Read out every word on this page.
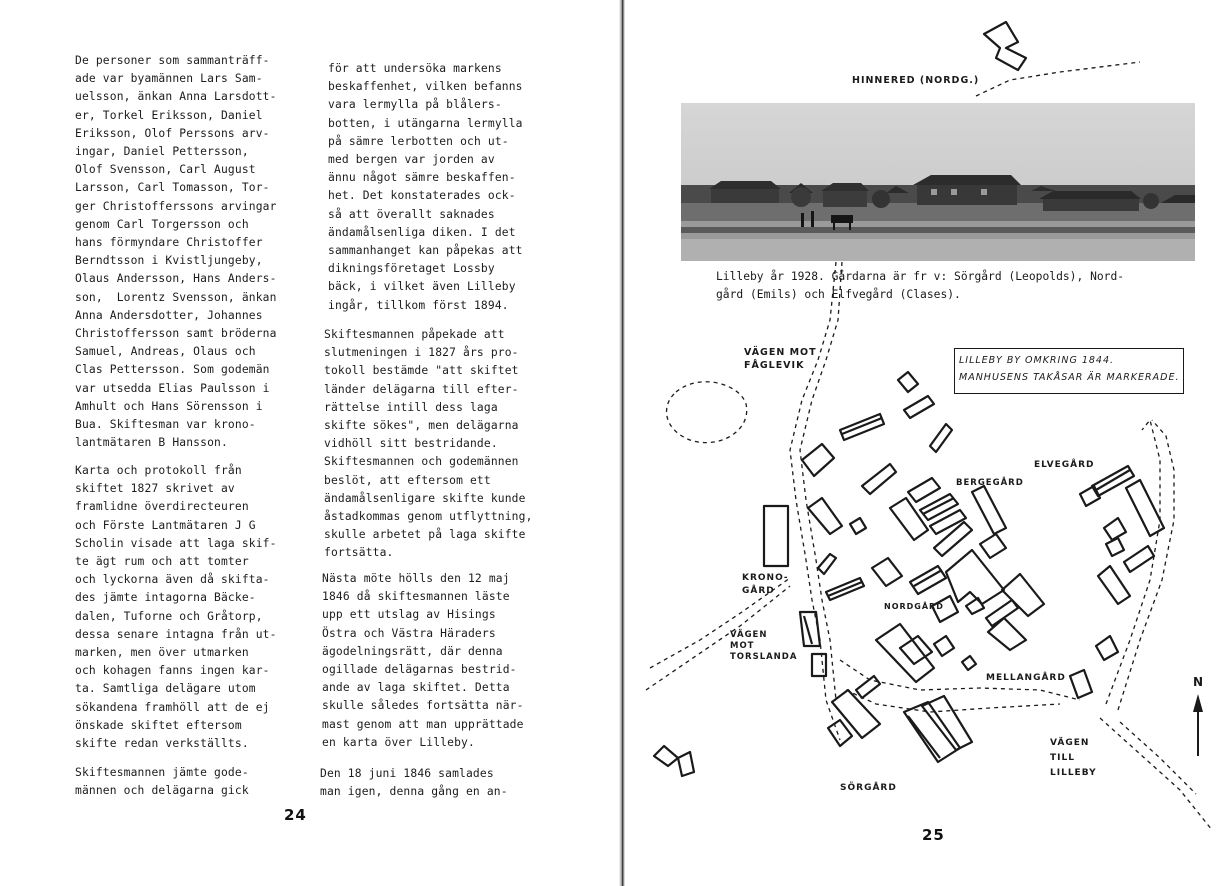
De personer som sammanträff-
ade var byamännen Lars Sam-
uelsson, änkan Anna Larsdott-
er, Torkel Eriksson, Daniel
Eriksson, Olof Perssons arv-
ingar, Daniel Pettersson,
Olof Svensson, Carl August
Larsson, Carl Tomasson, Tor-
ger Christofferssons arvingar
genom Carl Torgersson och
hans förmyndare Christoffer
Berndtsson i Kvistljungeby,
Olaus Andersson, Hans Anders-
son,  Lorentz Svensson, änkan
Anna Andersdotter, Johannes
Christoffersson samt bröderna
Samuel, Andreas, Olaus och
Clas Pettersson. Som godemän
var utsedda Elias Paulsson i
Amhult och Hans Sörensson i
Bua. Skiftesman var krono-
lantmätaren B Hansson.

Karta och protokoll från
skiftet 1827 skrivet av
framlidne överdirecteuren
och Förste Lantmätaren J G
Scholin visade att laga skif-
te ägt rum och att tomter
och lyckorna även då skifta-
des jämte intagorna Bäcke-
dalen, Tuforne och Gråtorp,
dessa senare intagna från ut-
marken, men över utmarken
och kohagen fanns ingen kar-
ta. Samtliga delägare utom
sökandena framhöll att de ej
önskade skiftet eftersom
skifte redan verkställts.

Skiftesmannen jämte gode-
männen och delägarna gick

för att undersöka markens
beskaffenhet, vilken befanns
vara lermylla på blålers-
botten, i utängarna lermylla
på sämre lerbotten och ut-
med bergen var jorden av
ännu något sämre beskaffen-
het. Det konstaterades ock-
så att överallt saknades
ändamålsenliga diken. I det
sammanhanget kan påpekas att
dikningsföretaget Lossby
bäck, i vilket även Lilleby
ingår, tillkom först 1894.

Skiftesmannen påpekade att
slutmeningen i 1827 års pro-
tokoll bestämde "att skiftet
länder delägarna till efter-
rättelse intill dess laga
skifte sökes", men delägarna
vidhöll sitt bestridande.
Skiftesmannen och godemännen
beslöt, att eftersom ett
ändamålsenligare skifte kunde
åstadkommas genom utflyttning,
skulle arbetet på laga skifte
fortsätta.

Nästa möte hölls den 12 maj
1846 då skiftesmannen läste
upp ett utslag av Hisings
Östra och Västra Häraders
ägodelningsrätt, där denna
ogillade delägarnas bestrid-
ande av laga skiftet. Detta
skulle således fortsätta när-
mast genom att man upprättade
en karta över Lilleby.

Den 18 juni 1846 samlades
man igen, denna gång en an-

24

Lilleby år 1928. Gårdarna är fr v: Sörgård (Leopolds), Nord-
gård (Emils) och Elfvegård (Clases).

HINNERED (NORDG.)
LILLEBY BY OMKRING 1844.
MANHUSENS TAKÅSAR ÄR MARKERADE.
VÄGEN MOT
FÅGLEVIK
BERGEGÅRD
ELVEGÅRD
KRONO-
GÅRD
NORDGÅRD
VÄGEN
MOT
TORSLANDA
MELLANGÅRD
VÄGEN
TILL
LILLEBY
SÖRGÅRD
N
25
